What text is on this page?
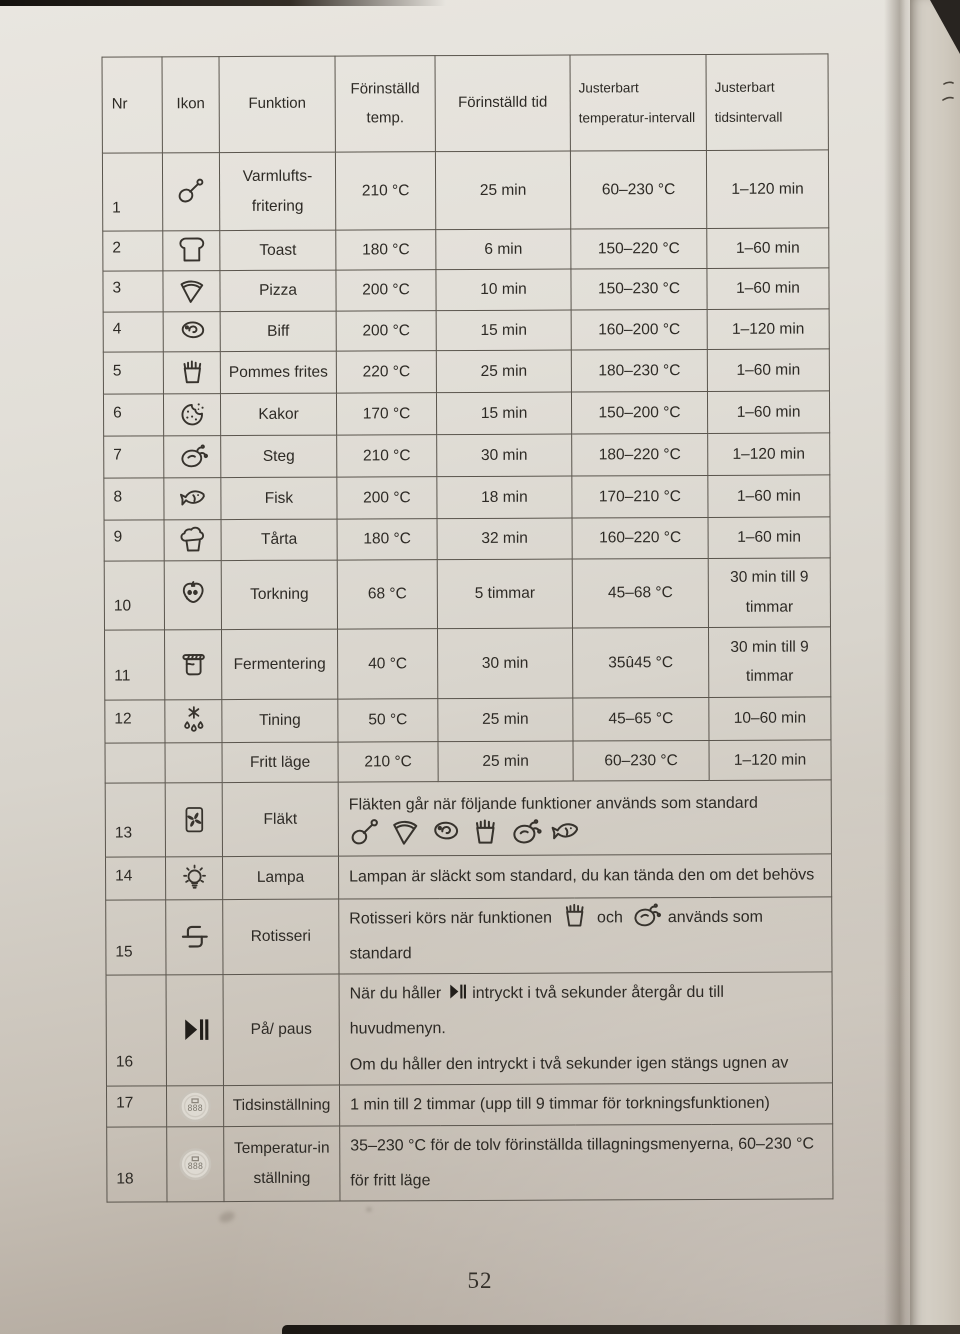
Nr	Ikon	Funktion	Förinställd temp.	Förinställd tid	Justerbart temperatur-intervall	Justerbart tidsintervall
1		Varmlufts-fritering	210 °C	25 min	60–230 °C	1–120 min
2		Toast	180 °C	6 min	150–220 °C	1–60 min
3		Pizza	200 °C	10 min	150–230 °C	1–60 min
4		Biff	200 °C	15 min	160–200 °C	1–120 min
5		Pommes frites	220 °C	25 min	180–230 °C	1–60 min
6		Kakor	170 °C	15 min	150–200 °C	1–60 min
7		Steg	210 °C	30 min	180–220 °C	1–120 min
8		Fisk	200 °C	18 min	170–210 °C	1–60 min
9		Tårta	180 °C	32 min	160–220 °C	1–60 min
10		Torkning	68 °C	5 timmar	45–68 °C	30 min till 9 timmar
11		Fermentering	40 °C	30 min	35û45 °C	30 min till 9 timmar
12		Tining	50 °C	25 min	45–65 °C	10–60 min
		Fritt läge	210 °C	25 min	60–230 °C	1–120 min
13		Fläkt	Fläkten går när följande funktioner används som standard			

14		Lampa	Lampan är släckt som standard, du kan tända den om det behövs			
15		Rotisseri	Rotisseri körs när funktionen och används som standard			
16		På/ paus	När du håller intryckt i två sekunder återgår du till huvudmenyn.
Om du håller den intryckt i två sekunder igen stängs ugnen av			

17		Tidsinställning	1 min till 2 timmar (upp till 9 timmar för torkningsfunktionen)			
18		Temperatur-in ställning	35–230 °C för de tolv förinställda tillagningsmenyerna, 60–230 °C för fritt läge			
52
